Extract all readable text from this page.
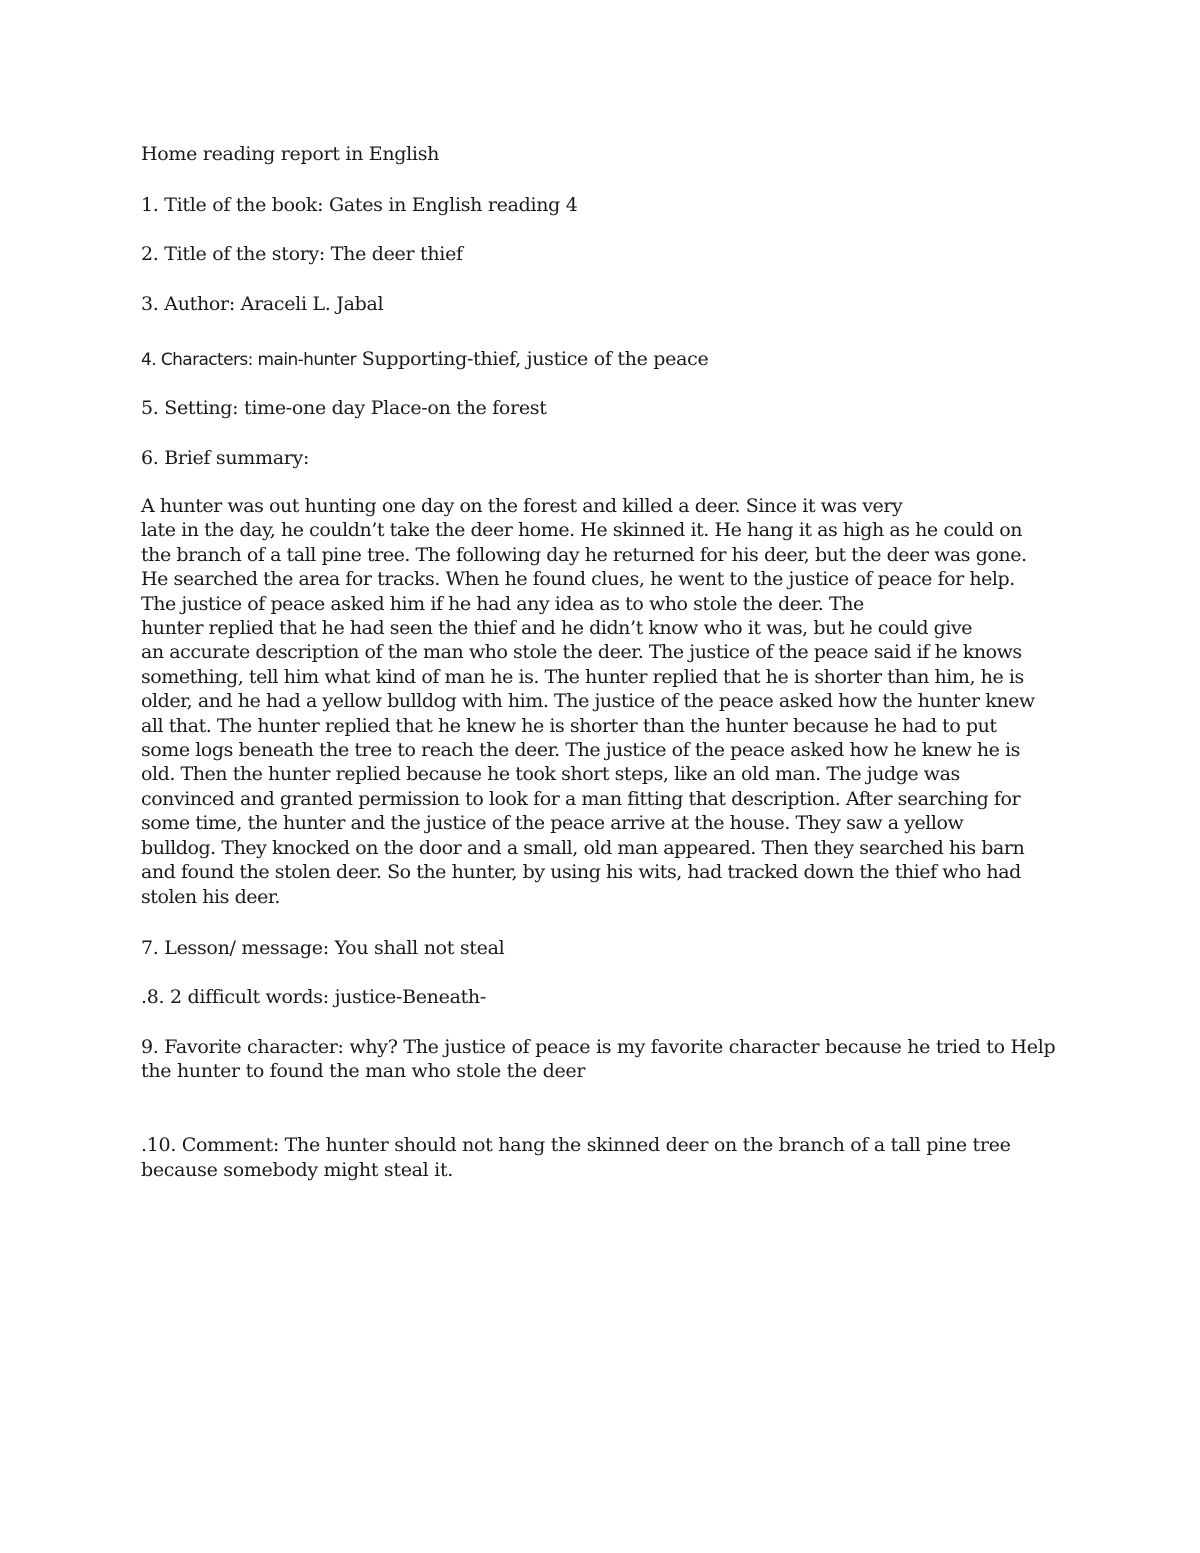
Home reading report in English
1. Title of the book: Gates in English reading 4
2. Title of the story: The deer thief
3. Author: Araceli L. Jabal
4. Characters: main-hunter Supporting-thief, justice of the peace
5. Setting: time-one day Place-on the forest
6. Brief summary:
A hunter was out hunting one day on the forest and killed a deer. Since it was very
late in the day, he couldn’t take the deer home. He skinned it. He hang it as high as he could on
the branch of a tall pine tree. The following day he returned for his deer, but the deer was gone.
He searched the area for tracks. When he found clues, he went to the justice of peace for help.
The justice of peace asked him if he had any idea as to who stole the deer. The
hunter replied that he had seen the thief and he didn’t know who it was, but he could give
an accurate description of the man who stole the deer. The justice of the peace said if he knows
something, tell him what kind of man he is. The hunter replied that he is shorter than him, he is
older, and he had a yellow bulldog with him. The justice of the peace asked how the hunter knew
all that. The hunter replied that he knew he is shorter than the hunter because he had to put
some logs beneath the tree to reach the deer. The justice of the peace asked how he knew he is
old. Then the hunter replied because he took short steps, like an old man. The judge was
convinced and granted permission to look for a man fitting that description. After searching for
some time, the hunter and the justice of the peace arrive at the house. They saw a yellow
bulldog. They knocked on the door and a small, old man appeared. Then they searched his barn
and found the stolen deer. So the hunter, by using his wits, had tracked down the thief who had
stolen his deer.
7. Lesson/ message: You shall not steal
.8. 2 difficult words: justice-Beneath-
9. Favorite character: why? The justice of peace is my favorite character because he tried to Help
the hunter to found the man who stole the deer
.10. Comment: The hunter should not hang the skinned deer on the branch of a tall pine tree
because somebody might steal it.
